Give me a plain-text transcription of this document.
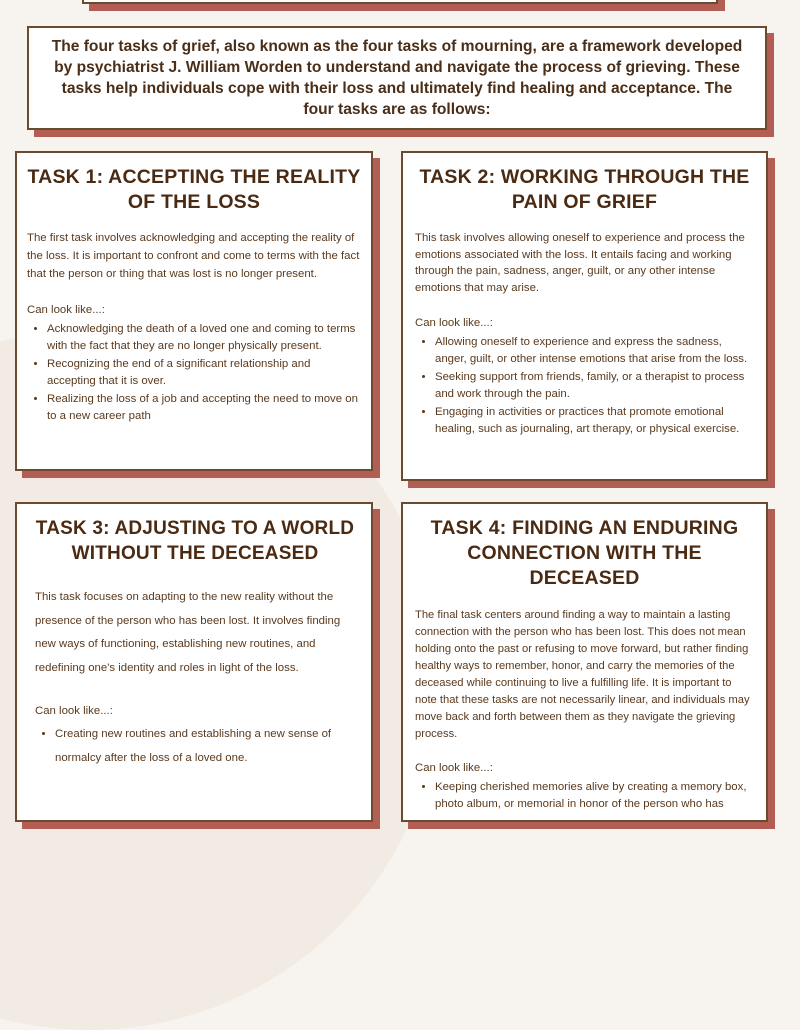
The four tasks of grief, also known as the four tasks of mourning, are a framework developed by psychiatrist J. William Worden to understand and navigate the process of grieving. These tasks help individuals cope with their loss and ultimately find healing and acceptance. The four tasks are as follows:
TASK 1: ACCEPTING THE REALITY OF THE LOSS

The first task involves acknowledging and accepting the reality of the loss. It is important to confront and come to terms with the fact that the person or thing that was lost is no longer present.

Can look like...:

• Acknowledging the death of a loved one and coming to terms with the fact that they are no longer physically present.
• Recognizing the end of a significant relationship and accepting that it is over.
• Realizing the loss of a job and accepting the need to move on to a new career path
TASK 2: WORKING THROUGH THE PAIN OF GRIEF

This task involves allowing oneself to experience and process the emotions associated with the loss. It entails facing and working through the pain, sadness, anger, guilt, or any other intense emotions that may arise.

Can look like...:

• Allowing oneself to experience and express the sadness, anger, guilt, or other intense emotions that arise from the loss.
• Seeking support from friends, family, or a therapist to process and work through the pain.
• Engaging in activities or practices that promote emotional healing, such as journaling, art therapy, or physical exercise.
TASK 3: ADJUSTING TO A WORLD WITHOUT THE DECEASED

This task focuses on adapting to the new reality without the presence of the person who has been lost. It involves finding new ways of functioning, establishing new routines, and redefining one's identity and roles in light of the loss.

Can look like...:

• Creating new routines and establishing a new sense of normalcy after the loss of a loved one.
TASK 4: FINDING AN ENDURING CONNECTION WITH THE DECEASED

The final task centers around finding a way to maintain a lasting connection with the person who has been lost. This does not mean holding onto the past or refusing to move forward, but rather finding healthy ways to remember, honor, and carry the memories of the deceased while continuing to live a fulfilling life. It is important to note that these tasks are not necessarily linear, and individuals may move back and forth between them as they navigate the grieving process.

Can look like...:

• Keeping cherished memories alive by creating a memory box, photo album, or memorial in honor of the person who has
